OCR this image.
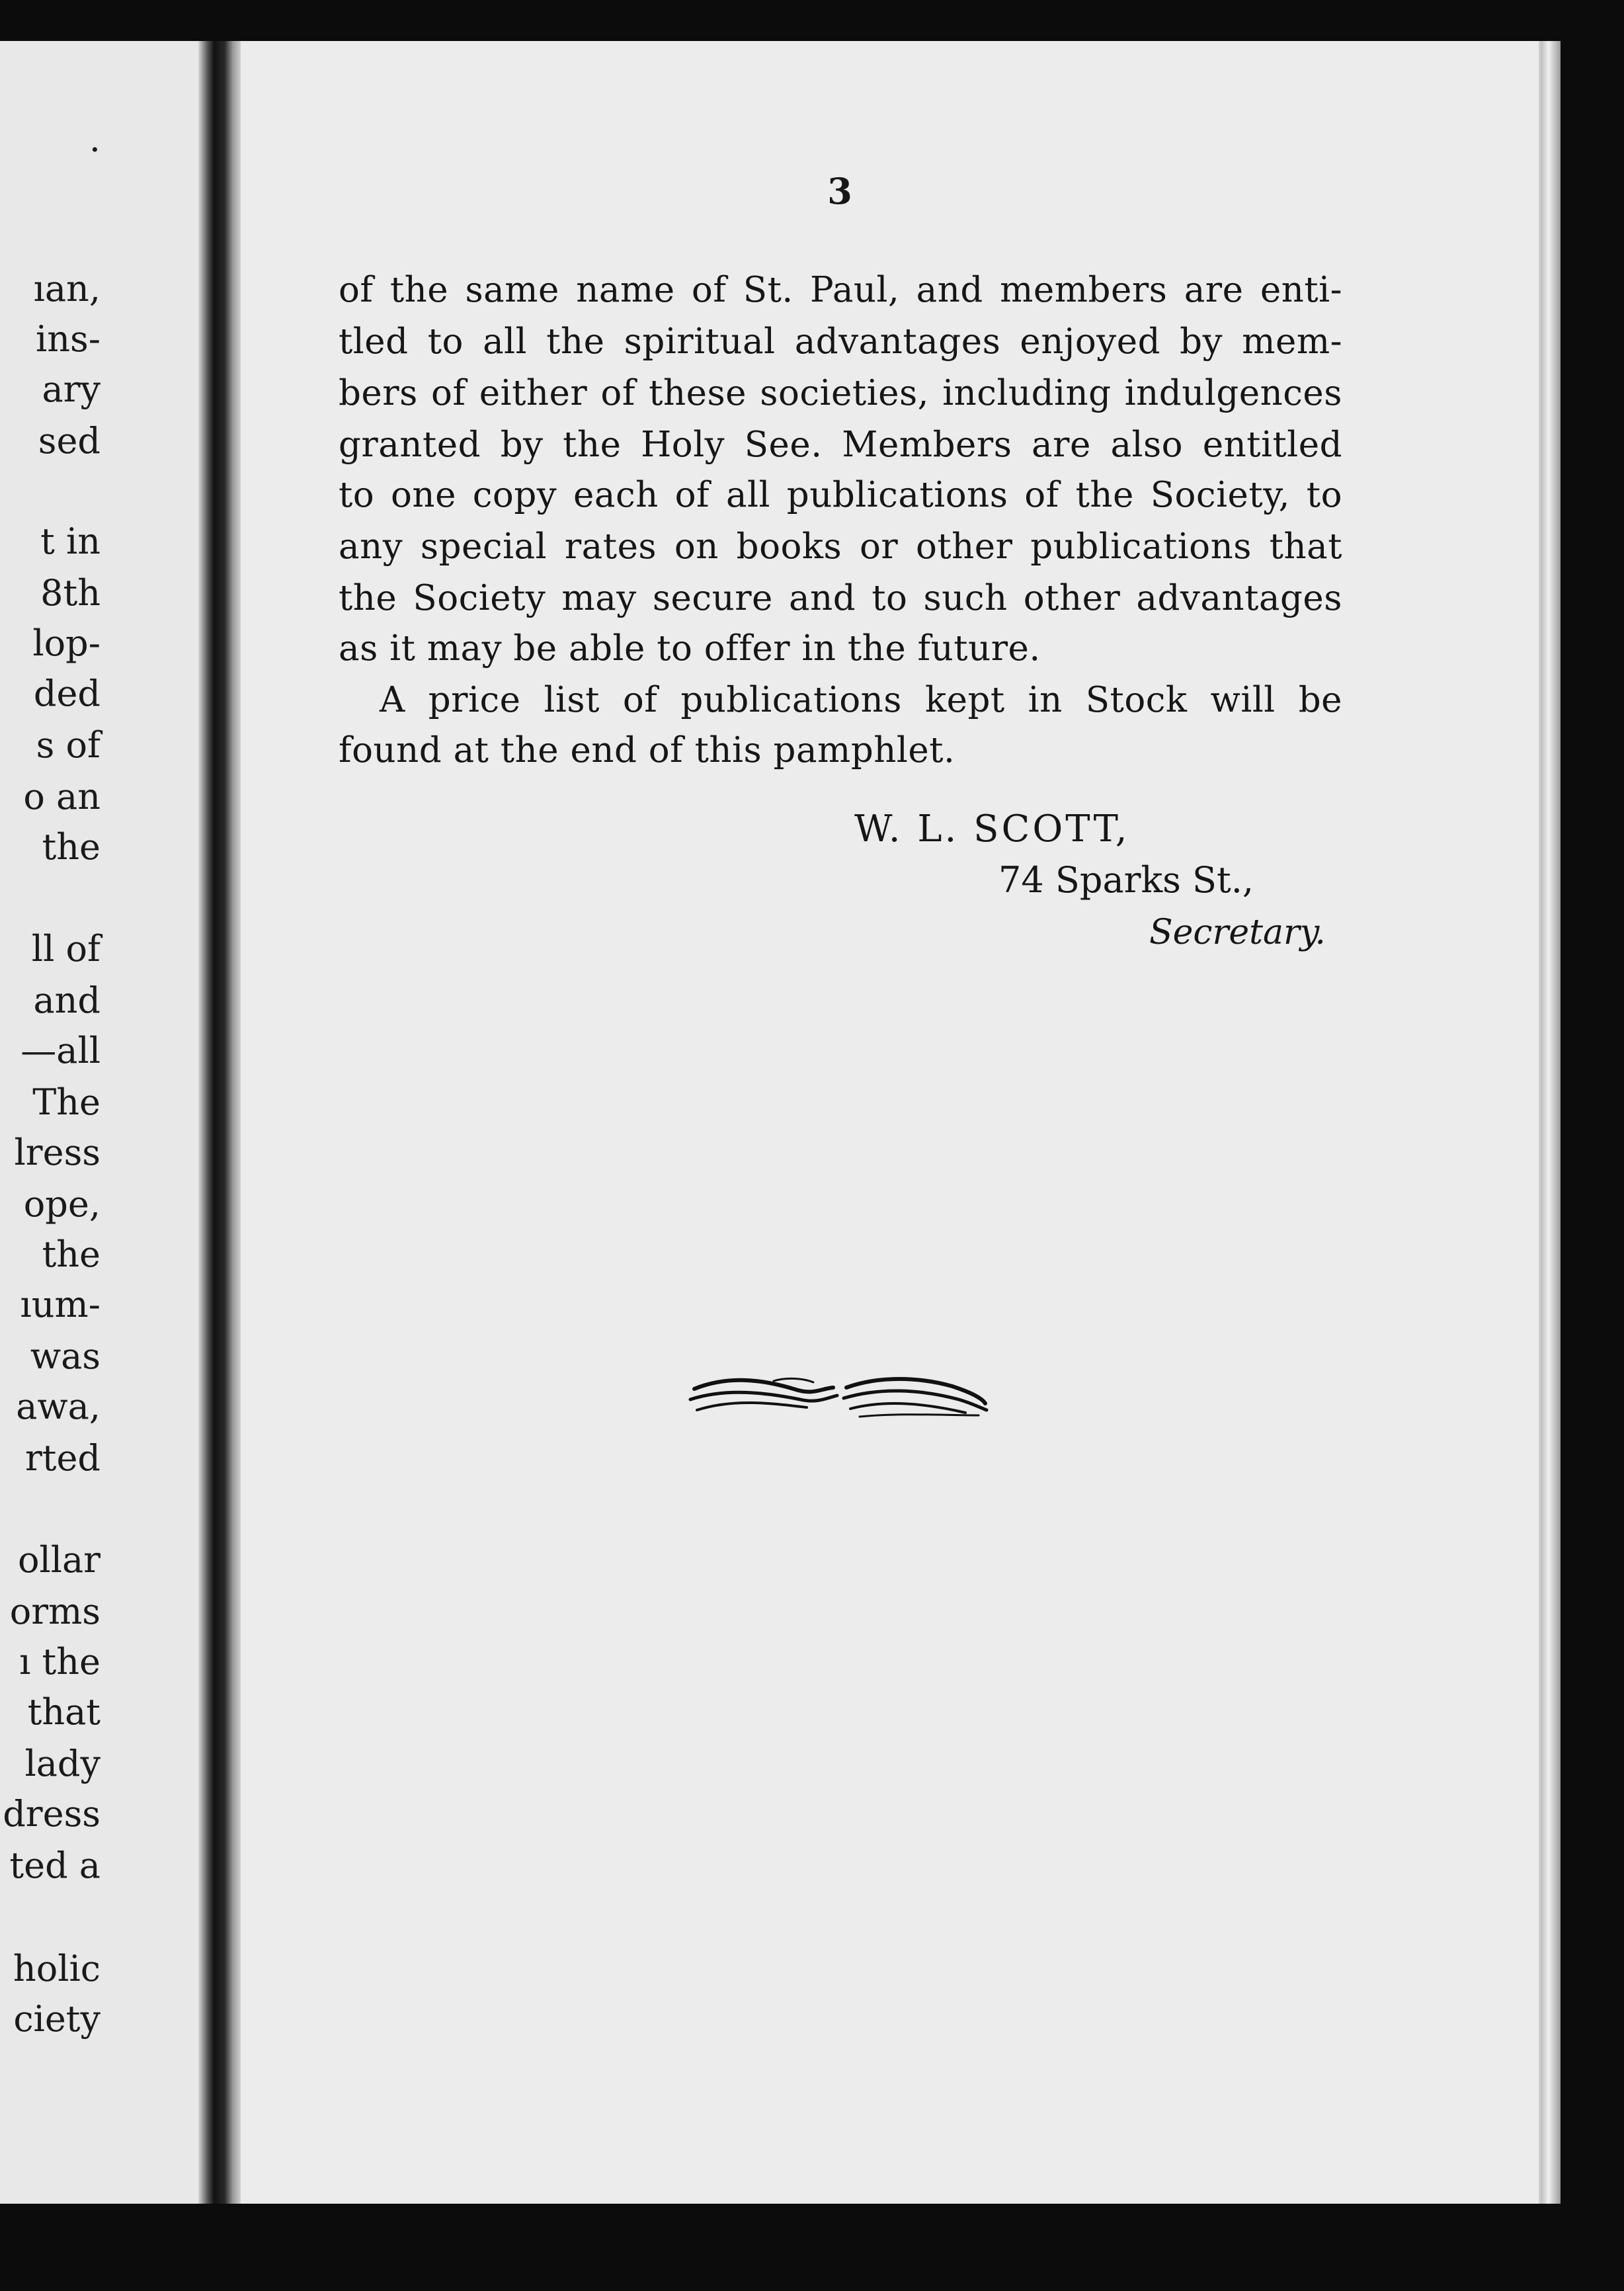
·
ıan,
ins-
ary
sed
t in
8th
lop-
ded
s of
o an
the
ll of
and
—all
The
lress
ope,
the
ıum-
was
awa,
rted
ollar
orms
ı the
that
lady
dress
ted a
holic
ciety
3
of the same name of St. Paul, and members are enti-
tled to all the spiritual advantages enjoyed by mem-
bers of either of these societies, including indulgences
granted by the Holy See. Members are also entitled
to one copy each of all publications of the Society, to
any special rates on books or other publications that
the Society may secure and to such other advantages
as it may be able to offer in the future.
A price list of publications kept in Stock will be
found at the end of this pamphlet.
W. L. SCOTT,
74 Sparks St.,
Secretary.
